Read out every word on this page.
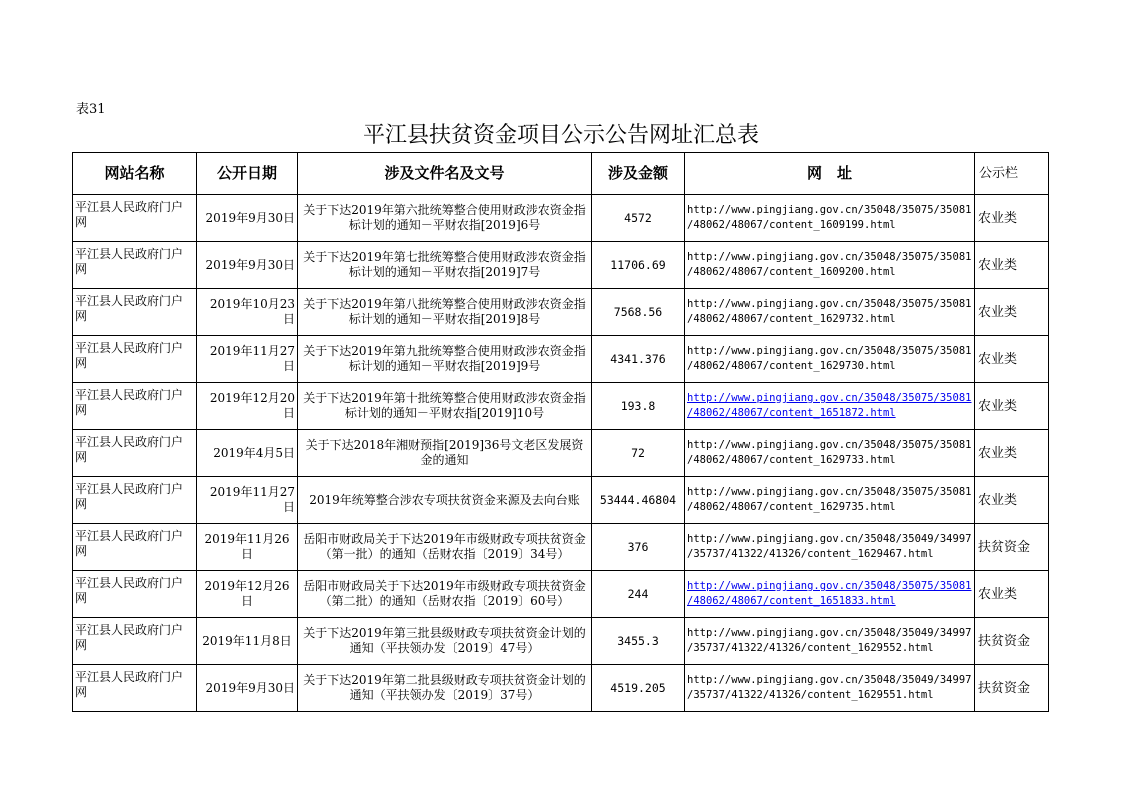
表31
平江县扶贫资金项目公示公告网址汇总表
网站名称	公开日期	涉及文件名及文号	涉及金额	网　址	公示栏
平江县人民政府门户网	2019年9月30日	关于下达2019年第六批统筹整合使用财政涉农资金指标计划的通知－平财农指[2019]6号	4572	http://www.pingjiang.gov.cn/35048/35075/35081
/48062/48067/content_1609199.html	农业类
平江县人民政府门户网	2019年9月30日	关于下达2019年第七批统筹整合使用财政涉农资金指标计划的通知－平财农指[2019]7号	11706.69	http://www.pingjiang.gov.cn/35048/35075/35081
/48062/48067/content_1609200.html	农业类
平江县人民政府门户网	2019年10月23日	关于下达2019年第八批统筹整合使用财政涉农资金指标计划的通知－平财农指[2019]8号	7568.56	http://www.pingjiang.gov.cn/35048/35075/35081
/48062/48067/content_1629732.html	农业类
平江县人民政府门户网	2019年11月27日	关于下达2019年第九批统筹整合使用财政涉农资金指标计划的通知－平财农指[2019]9号	4341.376	http://www.pingjiang.gov.cn/35048/35075/35081
/48062/48067/content_1629730.html	农业类
平江县人民政府门户网	2019年12月20日	关于下达2019年第十批统筹整合使用财政涉农资金指标计划的通知－平财农指[2019]10号	193.8	http://www.pingjiang.gov.cn/35048/35075/35081
/48062/48067/content_1651872.html	农业类
平江县人民政府门户网	2019年4月5日	关于下达2018年湘财预指[2019]36号文老区发展资金的通知	72	http://www.pingjiang.gov.cn/35048/35075/35081
/48062/48067/content_1629733.html	农业类
平江县人民政府门户网	2019年11月27日	2019年统筹整合涉农专项扶贫资金来源及去向台账	53444.46804	http://www.pingjiang.gov.cn/35048/35075/35081
/48062/48067/content_1629735.html	农业类
平江县人民政府门户网	2019年11月26日	岳阳市财政局关于下达2019年市级财政专项扶贫资金（第一批）的通知（岳财农指〔2019〕34号）	376	http://www.pingjiang.gov.cn/35048/35049/34997
/35737/41322/41326/content_1629467.html	扶贫资金
平江县人民政府门户网	2019年12月26日	岳阳市财政局关于下达2019年市级财政专项扶贫资金（第二批）的通知（岳财农指〔2019〕60号）	244	http://www.pingjiang.gov.cn/35048/35075/35081
/48062/48067/content_1651833.html	农业类
平江县人民政府门户网	2019年11月8日	关于下达2019年第三批县级财政专项扶贫资金计划的通知（平扶领办发〔2019〕47号）	3455.3	http://www.pingjiang.gov.cn/35048/35049/34997
/35737/41322/41326/content_1629552.html	扶贫资金
平江县人民政府门户网	2019年9月30日	关于下达2019年第二批县级财政专项扶贫资金计划的通知（平扶领办发〔2019〕37号）	4519.205	http://www.pingjiang.gov.cn/35048/35049/34997
/35737/41322/41326/content_1629551.html	扶贫资金
